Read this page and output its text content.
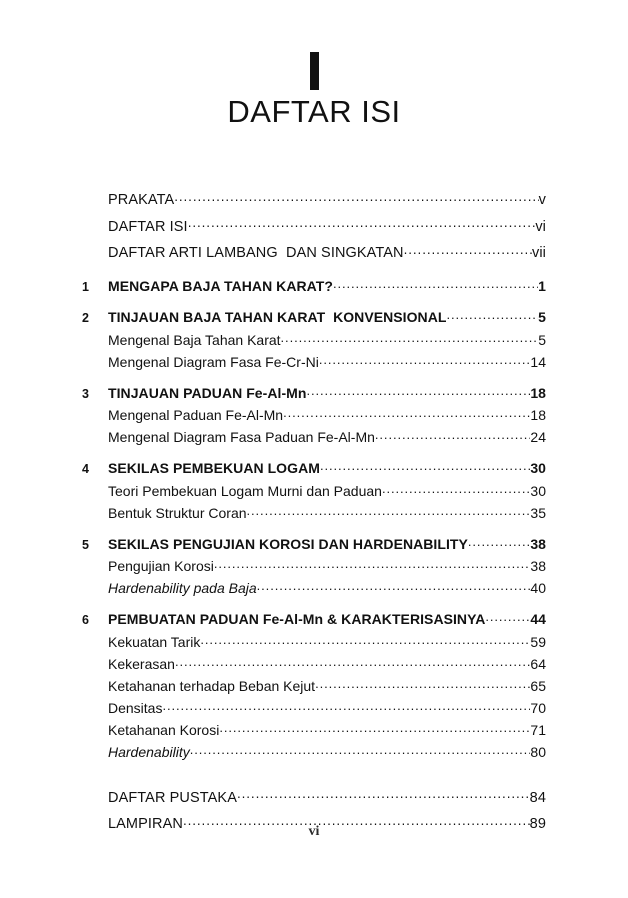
DAFTAR ISI
PRAKATA .....	v
DAFTAR ISI .....	vi
DAFTAR ARTI LAMBANG  DAN SINGKATAN .....	vii
1	MENGAPA BAJA TAHAN KARAT? .....	1
2	TINJAUAN BAJA TAHAN KARAT  KONVENSIONAL .....	5
Mengenal Baja Tahan Karat .....	5
Mengenal Diagram Fasa Fe-Cr-Ni .....	14
3	TINJAUAN PADUAN Fe-Al-Mn .....	18
Mengenal Paduan Fe-Al-Mn .....	18
Mengenal Diagram Fasa Paduan Fe-Al-Mn .....	24
4	SEKILAS PEMBEKUAN LOGAM .....	30
Teori Pembekuan Logam Murni dan Paduan .....	30
Bentuk Struktur Coran .....	35
5	SEKILAS PENGUJIAN KOROSI DAN HARDENABILITY .....	38
Pengujian Korosi .....	38
Hardenability pada Baja .....	40
6	PEMBUATAN PADUAN Fe-Al-Mn & KARAKTERISASINYA .....	44
Kekuatan Tarik .....	59
Kekerasan .....	64
Ketahanan terhadap Beban Kejut .....	65
Densitas .....	70
Ketahanan Korosi .....	71
Hardenability .....	80
DAFTAR PUSTAKA .....	84
LAMPIRAN .....	89
vi
